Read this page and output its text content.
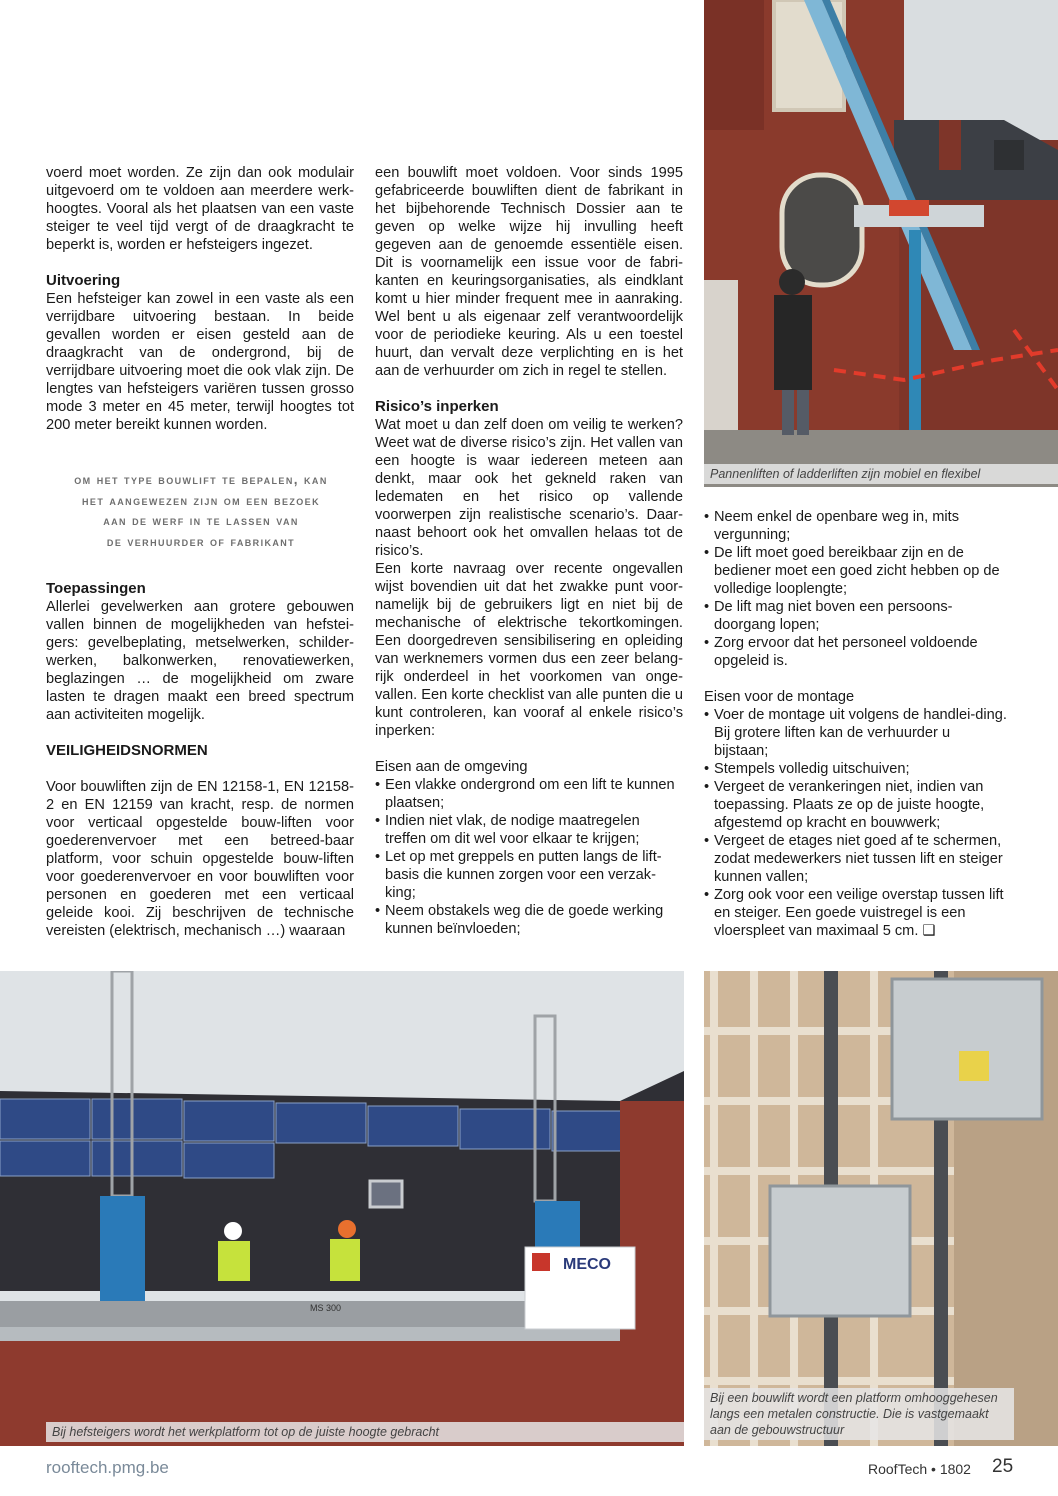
voerd moet worden. Ze zijn dan ook modulair uitgevoerd om te voldoen aan meerdere werk-hoogtes. Vooral als het plaatsen van een vaste steiger te veel tijd vergt of de draagkracht te beperkt is, worden er hefsteigers ingezet.

Uitvoering

Een hefsteiger kan zowel in een vaste als een verrijdbare uitvoering bestaan. In beide gevallen worden er eisen gesteld aan de draagkracht van de ondergrond, bij de verrijdbare uitvoering moet die ook vlak zijn. De lengtes van hefsteigers variëren tussen grosso mode 3 meter en 45 meter, terwijl hoogtes tot 200 meter bereikt kunnen worden.

om het type bouwlift te bepalen, kan
het aangewezen zijn om een bezoek
aan de werf in te lassen van
de verhuurder of fabrikant
Toepassingen

Allerlei gevelwerken aan grotere gebouwen vallen binnen de mogelijkheden van hefstei-gers: gevelbeplating, metselwerken, schilder-werken, balkonwerken, renovatiewerken, beglazingen … de mogelijkheid om zware lasten te dragen maakt een breed spectrum aan activiteiten mogelijk.

VEILIGHEIDSNORMEN

Voor bouwliften zijn de EN 12158-1, EN 12158-2 en EN 12159 van kracht, resp. de normen voor verticaal opgestelde bouw-liften voor goederenvervoer met een betreed-baar platform, voor schuin opgestelde bouw-liften voor goederenvervoer en voor bouwliften voor personen en goederen met een verticaal geleide kooi. Zij beschrijven de technische vereisten (elektrisch, mechanisch …) waaraan

een bouwlift moet voldoen. Voor sinds 1995 gefabriceerde bouwliften dient de fabrikant in het bijbehorende Technisch Dossier aan te geven op welke wijze hij invulling heeft gegeven aan de genoemde essentiële eisen. Dit is voornamelijk een issue voor de fabri-kanten en keuringsorganisaties, als eindklant komt u hier minder frequent mee in aanraking. Wel bent u als eigenaar zelf verantwoordelijk voor de periodieke keuring. Als u een toestel huurt, dan vervalt deze verplichting en is het aan de verhuurder om zich in regel te stellen.

Risico’s inperken

Wat moet u dan zelf doen om veilig te werken? Weet wat de diverse risico’s zijn. Het vallen van een hoogte is waar iedereen meteen aan denkt, maar ook het gekneld raken van ledematen en het risico op vallende voorwerpen zijn realistische scenario’s. Daar-naast behoort ook het omvallen helaas tot de risico’s.

Een korte navraag over recente ongevallen wijst bovendien uit dat het zwakke punt voor-namelijk bij de gebruikers ligt en niet bij de mechanische of elektrische tekortkomingen. Een doorgedreven sensibilisering en opleiding van werknemers vormen dus een zeer belang-rijk onderdeel in het voorkomen van onge-vallen. Een korte checklist van alle punten die u kunt controleren, kan vooraf al enkele risico’s inperken:

Eisen aan de omgeving
• Een vlakke ondergrond om een lift te kunnen plaatsen;
• Indien niet vlak, de nodige maatregelen treffen om dit wel voor elkaar te krijgen;
• Let op met greppels en putten langs de lift-basis die kunnen zorgen voor een verzak-king;
• Neem obstakels weg die de goede werking kunnen beïnvloeden;
Pannenliften of ladderliften zijn mobiel en flexibel
• Neem enkel de openbare weg in, mits vergunning;
• De lift moet goed bereikbaar zijn en de bediener moet een goed zicht hebben op de volledige looplengte;
• De lift mag niet boven een persoons-doorgang lopen;
• Zorg ervoor dat het personeel voldoende opgeleid is.
Eisen voor de montage
• Voer de montage uit volgens de handlei-ding. Bij grotere liften kan de verhuurder u bijstaan;
• Stempels volledig uitschuiven;
• Vergeet de verankeringen niet, indien van toepassing. Plaats ze op de juiste hoogte, afgestemd op kracht en bouwwerk;
• Vergeet de etages niet goed af te schermen, zodat medewerkers niet tussen lift en steiger kunnen vallen;
• Zorg ook voor een veilige overstap tussen lift en steiger. Een goede vuistregel is een vloerspleet van maximaal 5 cm. ❑
MECO
MS 300
Bij hefsteigers wordt het werkplatform tot op de juiste hoogte gebracht
Bij een bouwlift wordt een platform omhooggehesen langs een metalen constructie. Die is vastgemaakt aan de gebouwstructuur
rooftech.pmg.be	RoofTech • 1802 25
